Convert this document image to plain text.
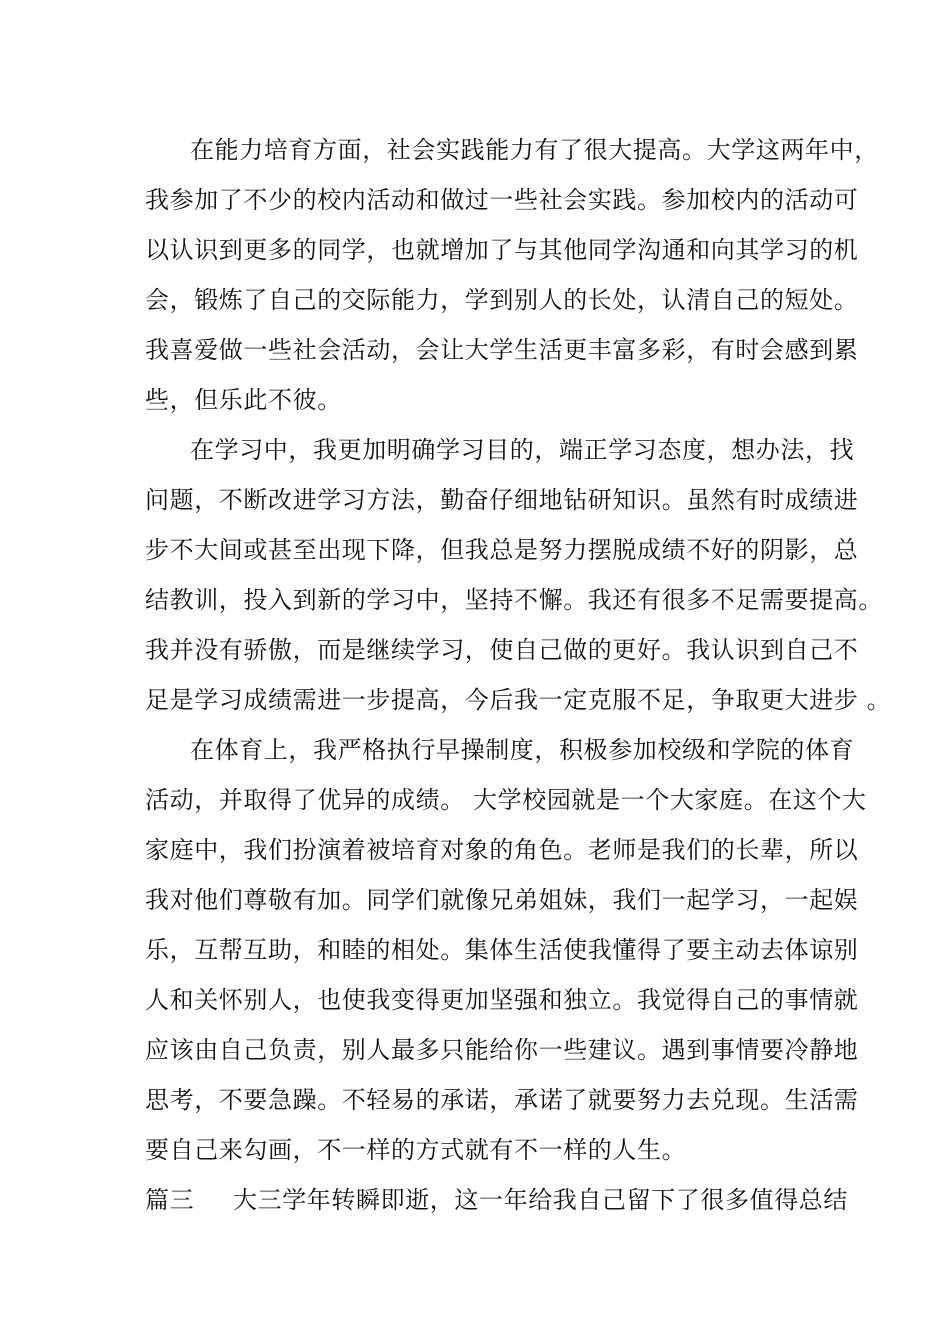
在能力培育方面，社会实践能力有了很大提高。大学这两年中，
我参加了不少的校内活动和做过一些社会实践。参加校内的活动可
以认识到更多的同学，也就增加了与其他同学沟通和向其学习的机
会，锻炼了自己的交际能力，学到别人的长处，认清自己的短处。
我喜爱做一些社会活动，会让大学生活更丰富多彩，有时会感到累
些，但乐此不彼。
在学习中，我更加明确学习目的，端正学习态度，想办法，找
问题，不断改进学习方法，勤奋仔细地钻研知识。虽然有时成绩进
步不大间或甚至出现下降，但我总是努力摆脱成绩不好的阴影，总
结教训，投入到新的学习中，坚持不懈。我还有很多不足需要提高。
我并没有骄傲，而是继续学习，使自己做的更好。我认识到自己不
足是学习成绩需进一步提高，今后我一定克服不足，争取更大进步 。
在体育上，我严格执行早操制度，积极参加校级和学院的体育
活动，并取得了优异的成绩。 大学校园就是一个大家庭。在这个大
家庭中，我们扮演着被培育对象的角色。老师是我们的长辈，所以
我对他们尊敬有加。同学们就像兄弟姐妹，我们一起学习，一起娱
乐，互帮互助，和睦的相处。集体生活使我懂得了要主动去体谅别
人和关怀别人，也使我变得更加坚强和独立。我觉得自己的事情就
应该由自己负责，别人最多只能给你一些建议。遇到事情要冷静地
思考，不要急躁。不轻易的承诺，承诺了就要努力去兑现。生活需
要自己来勾画，不一样的方式就有不一样的人生。
篇三	大三学年转瞬即逝，这一年给我自己留下了很多值得总结
